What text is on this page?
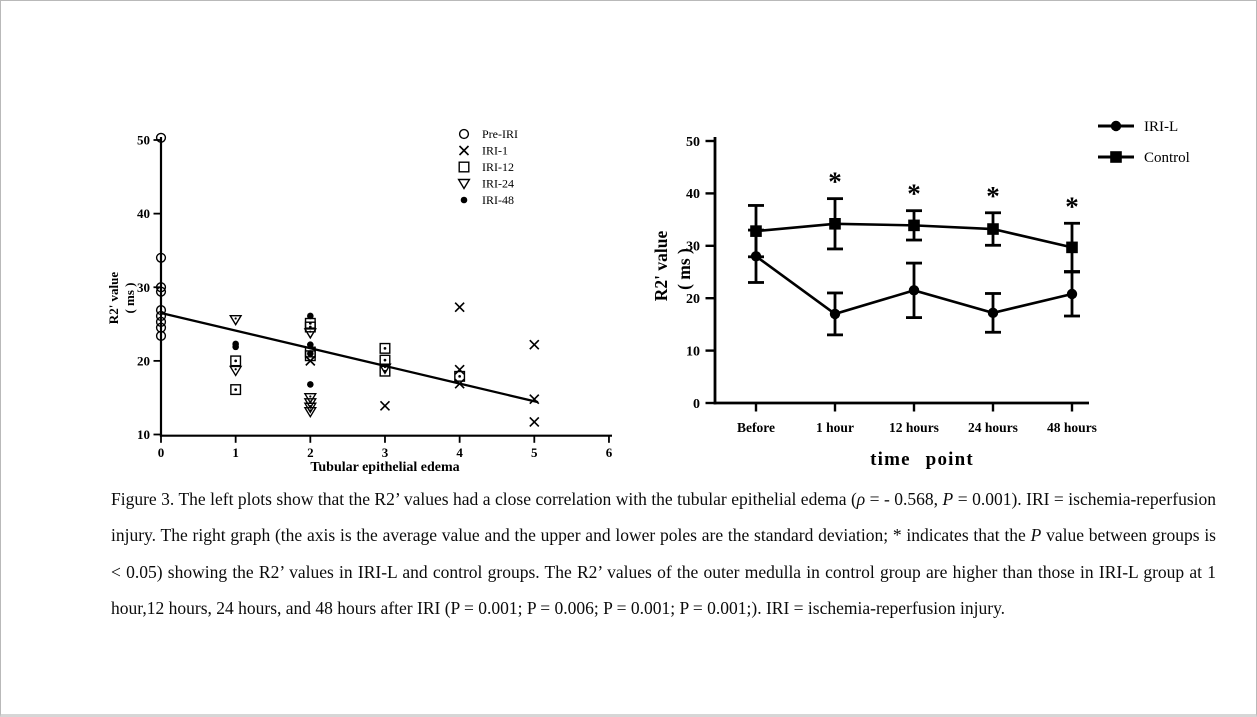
50
40
30
20
10
0	1	2	3	4	5	6
Tubular epithelial edema
R2' value ( ms )
Pre-IRI
IRI-1
IRI-12
IRI-24
IRI-48
0
10
20
30
40
50
Before	1 hour	12 hours 24 hours 48 hours
time point
R2' value ( ms )
* * * *
IRI-L
Control

Figure 3. The left plots show that the R2’ values had a close correlation with the tubular epithelial edema (ρ = - 0.568, P = 0.001). IRI = ischemia-reperfusion injury. The right graph (the axis is the average value and the upper and lower poles are the standard deviation; * indicates that the P value between groups is < 0.05) showing the R2’ values in IRI-L and control groups. The R2’ values of the outer medulla in control group are higher than those in IRI-L group at 1 hour,12 hours, 24 hours, and 48 hours after IRI (P = 0.001; P = 0.006; P = 0.001; P = 0.001;). IRI = ischemia-reperfusion injury.
